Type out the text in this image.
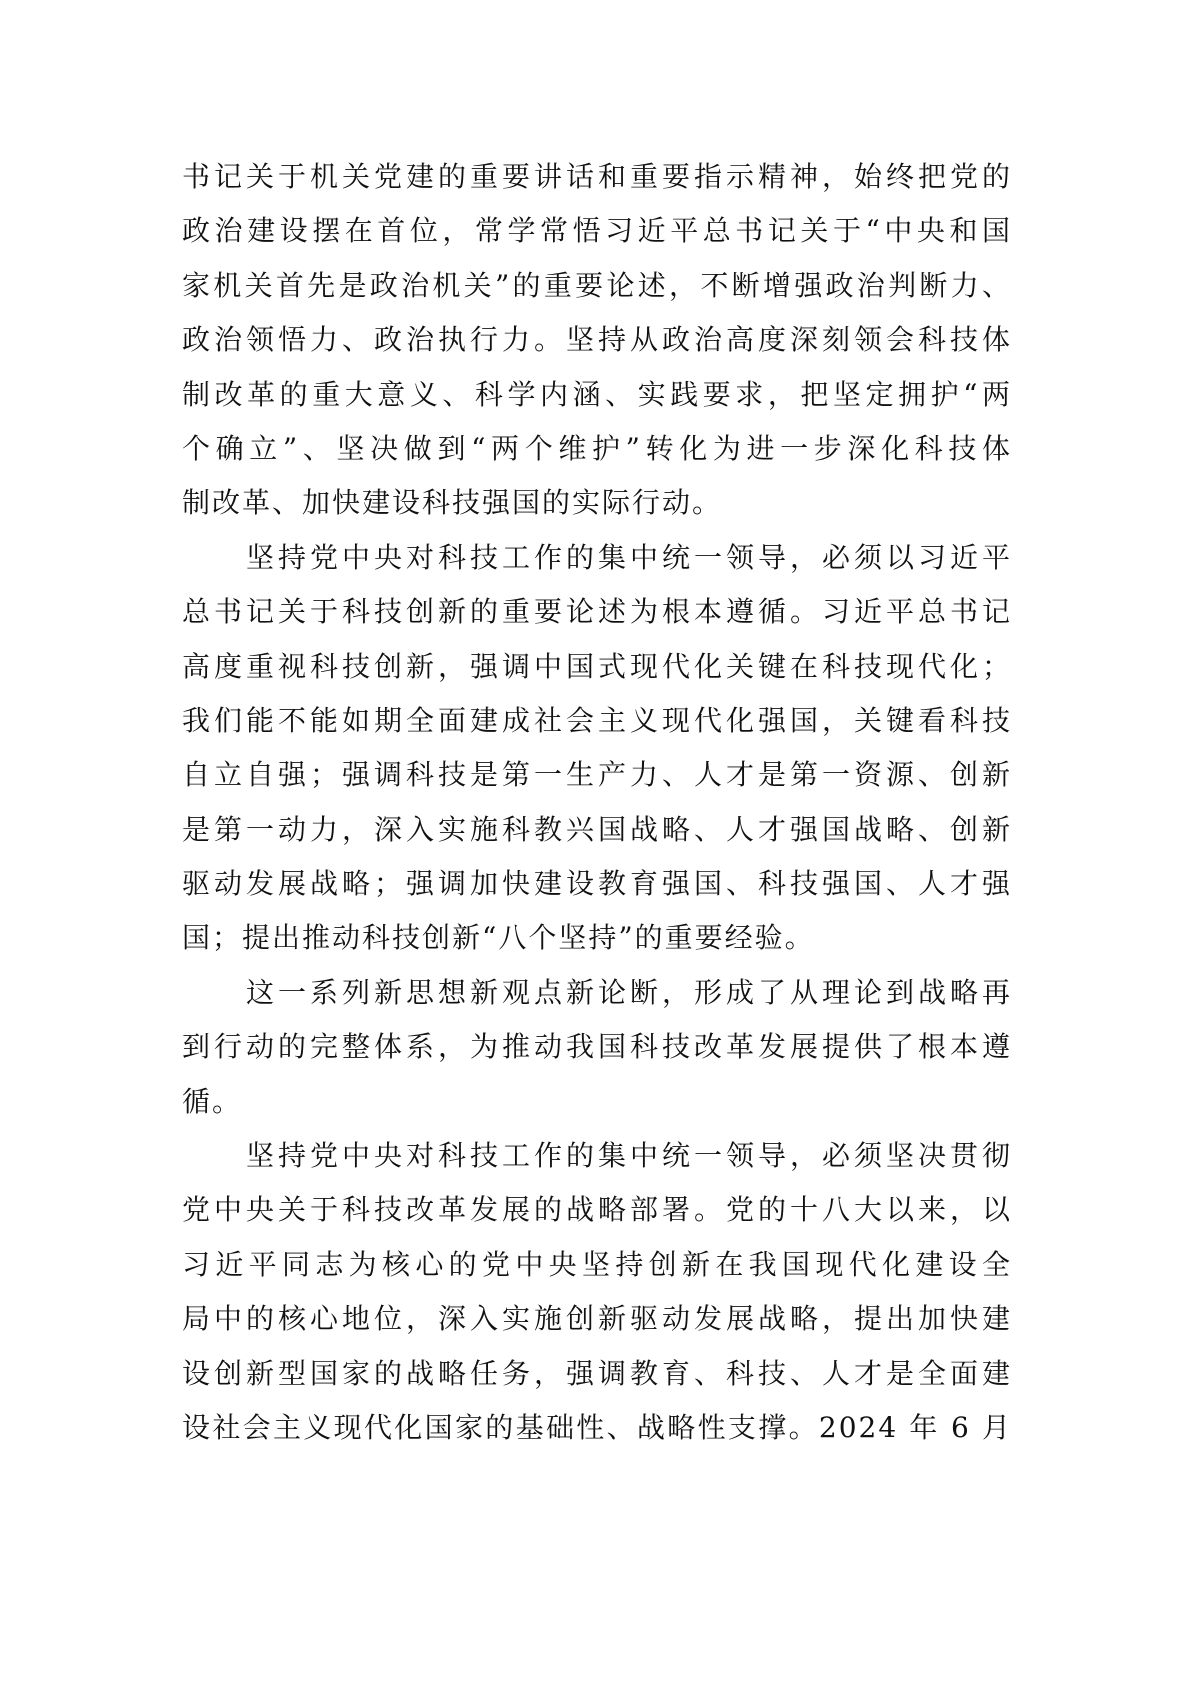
书记关于机关党建的重要讲话和重要指示精神，始终把党的
政治建设摆在首位，常学常悟习近平总书记关于“中央和国
家机关首先是政治机关”的重要论述，不断增强政治判断力、
政治领悟力、政治执行力。坚持从政治高度深刻领会科技体
制改革的重大意义、科学内涵、实践要求，把坚定拥护“两
个确立”、坚决做到“两个维护”转化为进一步深化科技体
制改革、加快建设科技强国的实际行动。
　　坚持党中央对科技工作的集中统一领导，必须以习近平
总书记关于科技创新的重要论述为根本遵循。习近平总书记
高度重视科技创新，强调中国式现代化关键在科技现代化；
我们能不能如期全面建成社会主义现代化强国，关键看科技
自立自强；强调科技是第一生产力、人才是第一资源、创新
是第一动力，深入实施科教兴国战略、人才强国战略、创新
驱动发展战略；强调加快建设教育强国、科技强国、人才强
国；提出推动科技创新“八个坚持”的重要经验。
　　这一系列新思想新观点新论断，形成了从理论到战略再
到行动的完整体系，为推动我国科技改革发展提供了根本遵
循。
　　坚持党中央对科技工作的集中统一领导，必须坚决贯彻
党中央关于科技改革发展的战略部署。党的十八大以来，以
习近平同志为核心的党中央坚持创新在我国现代化建设全
局中的核心地位，深入实施创新驱动发展战略，提出加快建
设创新型国家的战略任务，强调教育、科技、人才是全面建
设社会主义现代化国家的基础性、战略性支撑。2024 年 6 月
